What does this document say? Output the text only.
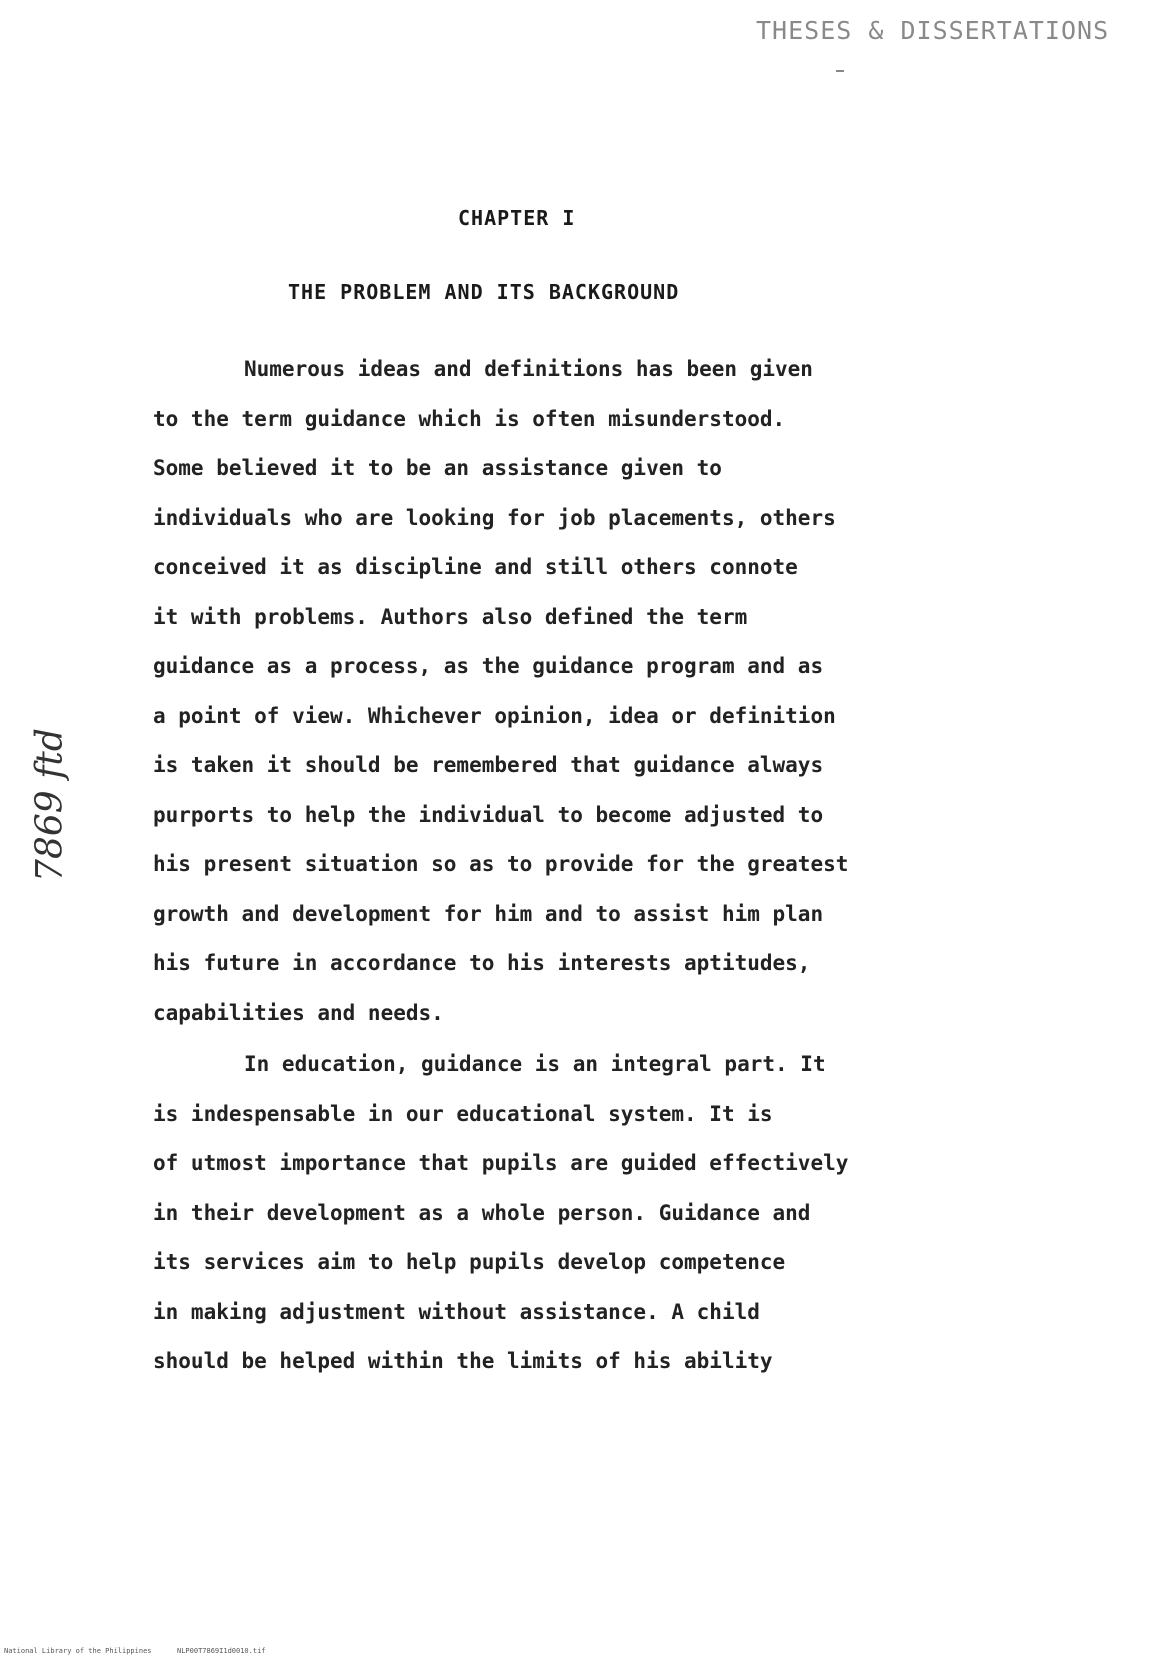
THESES & DISSERTATIONS
CHAPTER I
THE PROBLEM AND ITS BACKGROUND
7869 ftd
Numerous ideas and definitions has been given
to the term guidance which is often misunderstood.
Some believed it to be an assistance given to
individuals who are looking for job placements, others
conceived it as discipline and still others connote
it with problems. Authors also defined the term
guidance as a process, as the guidance program and as
a point of view. Whichever opinion, idea or definition
is taken it should be remembered that guidance always
purports to help the individual to become adjusted to
his present situation so as to provide for the greatest
growth and development for him and to assist him plan
his future in accordance to his interests aptitudes,
capabilities and needs.
In education, guidance is an integral part. It
is indespensable in our educational system. It is
of utmost importance that pupils are guided effectively
in their development as a whole person. Guidance and
its services aim to help pupils develop competence
in making adjustment without assistance. A child
should be helped within the limits of his ability
National Library of the Philippines	NLP00T7869I1d0010.tif
